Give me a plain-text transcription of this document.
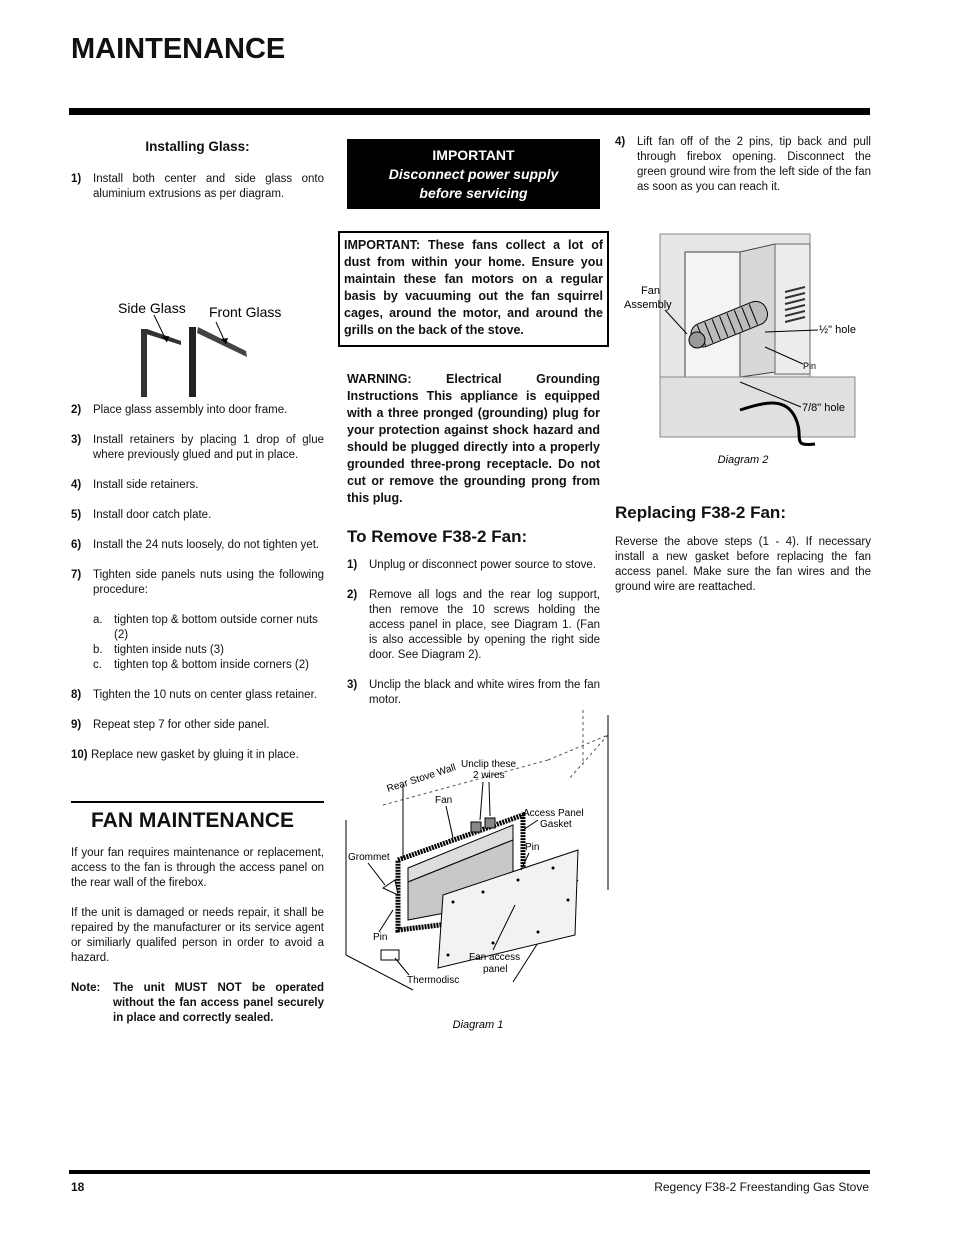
MAINTENANCE
Installing Glass:
1)	Install both center and side glass onto aluminium extrusions as per diagram.
Side Glass Front Glass
2)	Place glass assembly into door frame.
3)	Install retainers by placing 1 drop of glue where previously glued and put in place.
4)	Install side retainers.
5)	Install door catch plate.
6)	Install the 24 nuts loosely, do not tighten yet.
7)	Tighten side panels nuts using the following procedure:
a. tighten top & bottom outside corner nuts (2)
b. tighten inside nuts (3)
c.	tighten top & bottom inside corners (2)
8)	Tighten the 10 nuts on center glass retainer.
9)	Repeat step 7 for other side panel.
10) Replace new gasket by gluing it in place.
FAN MAINTENANCE
If your fan requires maintenance or replacement, access to the fan is through the access panel on the rear wall of the firebox.
If the unit is damaged or needs repair, it shall be repaired by the manufacturer or its service agent or similiarly qualifed person in order to avoid a hazard.
Note:	The unit MUST NOT be operated without the fan access panel securely in place and correctly sealed.
IMPORTANT
Disconnect power supply
before servicing
IMPORTANT: These fans collect a lot of dust from within your home. Ensure you maintain these fan motors on a regular basis by vacuuming out the fan squirrel cages, around the motor, and around the grills on the back of the stove.
WARNING: Electrical Grounding Instructions This appliance is equipped with a three pronged (grounding) plug for your protection against shock hazard and should be plugged directly into a properly grounded three-prong receptacle. Do not cut or remove the grounding prong from this plug.
To Remove F38-2 Fan:
1)	Unplug or disconnect power source to stove.
2)	Remove all logs and the rear log support, then remove the 10 screws holding the access panel in place, see Diagram 1. (Fan is also accessible by opening the right side door. See Diagram 2).
3)	Unclip the black and white wires from the fan motor.
Rear Stove Wall Unclip these
2 wires
Fan
Access Panel
Gasket
Grommet
Pin
Pin
Fan access
panel
Thermodisc
Diagram 1
4)	Lift fan off of the 2 pins, tip back and pull through firebox opening. Disconnect the green ground wire from the left side of the fan as soon as you can reach it.
Fan
Assembly
½" hole
Pin
7/8" hole
Diagram 2
Replacing F38-2 Fan:
Reverse the above steps (1 - 4). If necessary install a new gasket before replacing the fan access panel. Make sure the fan wires and the ground wire are reattached.
18	Regency F38-2 Freestanding Gas Stove
